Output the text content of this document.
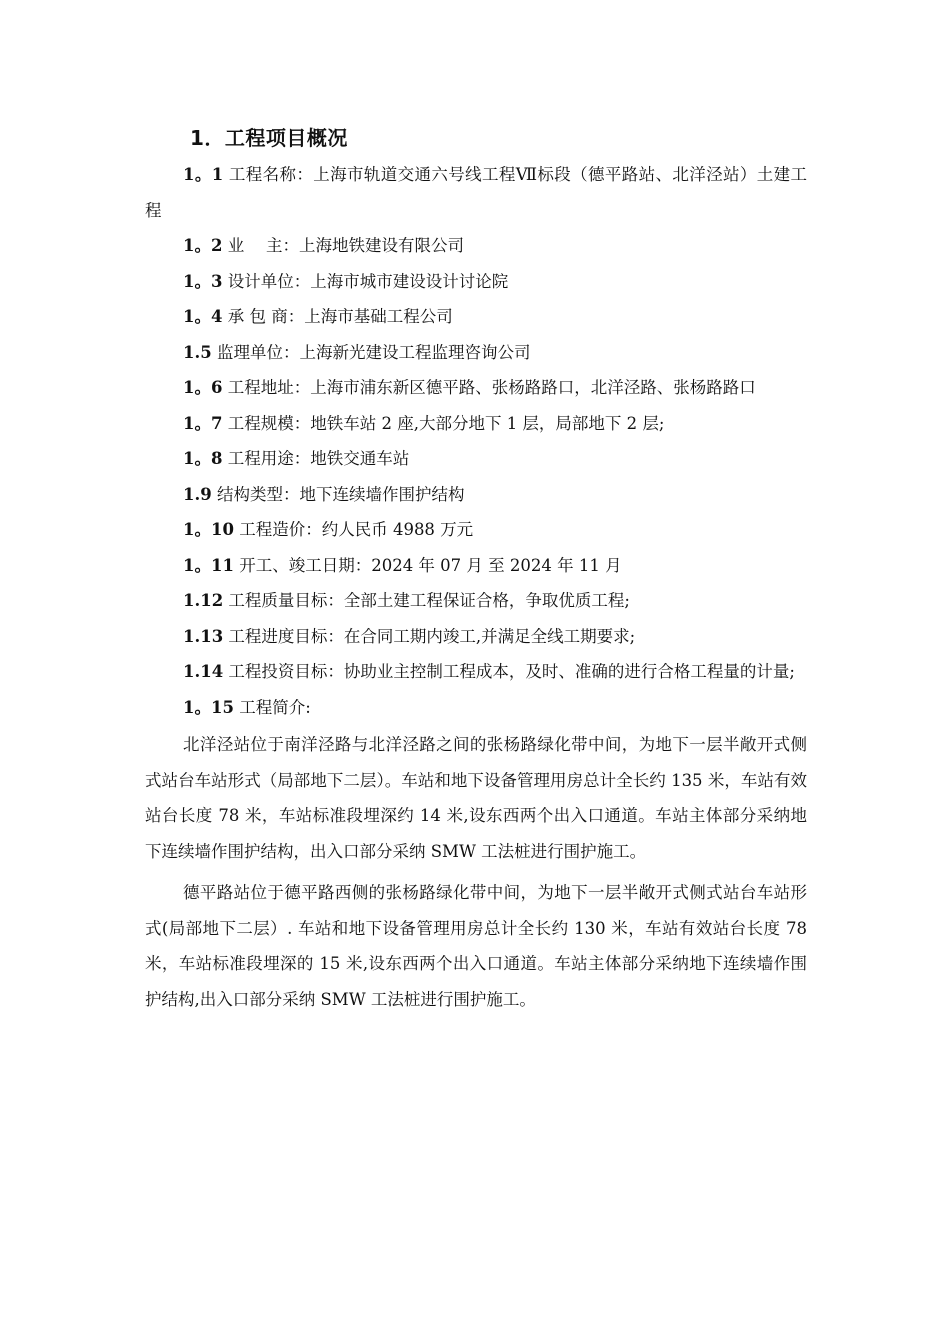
1．工程项目概况

1。1 工程名称：上海市轨道交通六号线工程Ⅶ标段（德平路站、北洋泾站）土建工程

1。2 业　 主：上海地铁建设有限公司

1。3 设计单位：上海市城市建设设计讨论院

1。4 承 包 商：上海市基础工程公司

1.5 监理单位：上海新光建设工程监理咨询公司

1。6 工程地址：上海市浦东新区德平路、张杨路路口，北洋泾路、张杨路路口

1。7 工程规模：地铁车站 2 座,大部分地下 1 层，局部地下 2 层;

1。8 工程用途：地铁交通车站

1.9 结构类型：地下连续墙作围护结构

1。10 工程造价：约人民币 4988 万元

1。11 开工、竣工日期：2024 年 07 月 至 2024 年 11 月

1.12 工程质量目标：全部土建工程保证合格，争取优质工程;

1.13 工程进度目标：在合同工期内竣工,并满足全线工期要求;

1.14 工程投资目标：协助业主控制工程成本，及时、准确的进行合格工程量的计量;

1。15 工程简介:

北洋泾站位于南洋泾路与北洋泾路之间的张杨路绿化带中间，为地下一层半敞开式侧式站台车站形式（局部地下二层）。车站和地下设备管理用房总计全长约 135 米，车站有效站台长度 78 米，车站标准段埋深约 14 米,设东西两个出入口通道。车站主体部分采纳地下连续墙作围护结构，出入口部分采纳 SMW 工法桩进行围护施工。

德平路站位于德平路西侧的张杨路绿化带中间，为地下一层半敞开式侧式站台车站形式(局部地下二层）. 车站和地下设备管理用房总计全长约 130 米，车站有效站台长度 78 米，车站标准段埋深的 15 米,设东西两个出入口通道。车站主体部分采纳地下连续墙作围护结构,出入口部分采纳 SMW 工法桩进行围护施工。
